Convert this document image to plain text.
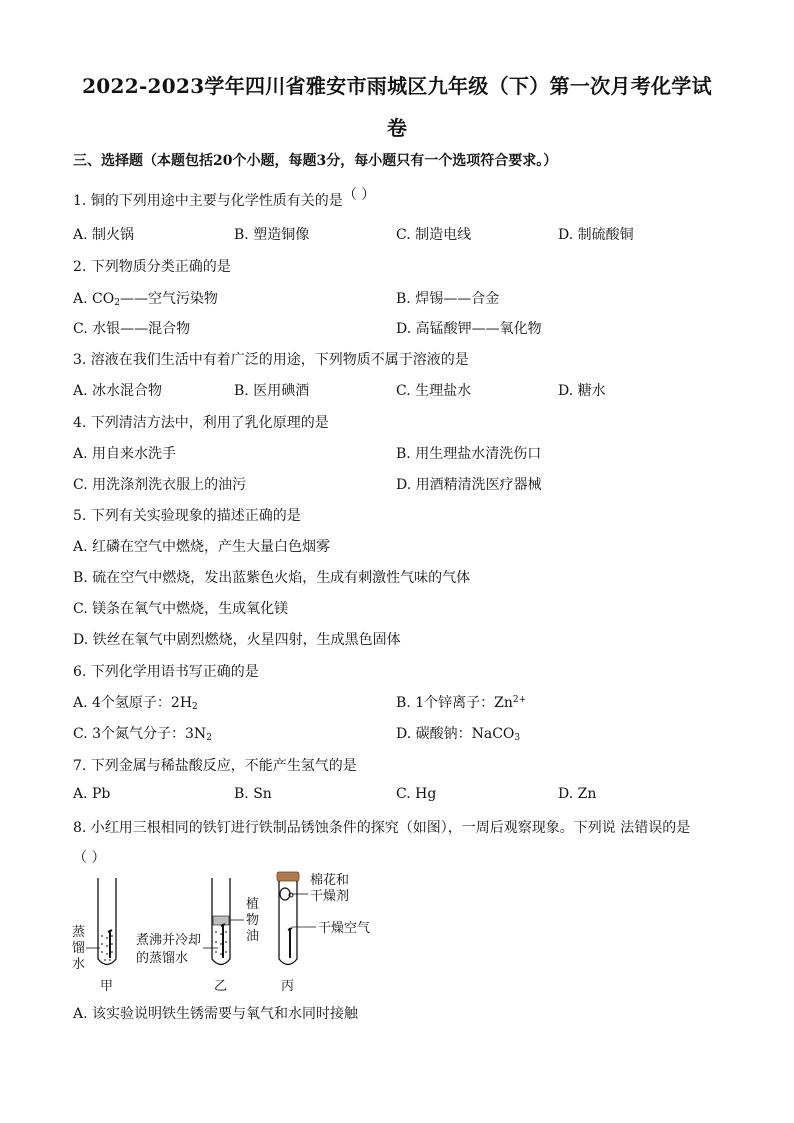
2022-2023学年四川省雅安市雨城区九年级（下）第一次月考化学试
卷
三、选择题（本题包括20个小题，每题3分，每小题只有一个选项符合要求。）
1. 铜的下列用途中主要与化学性质有关的是（ ）
A. 制火锅	B. 塑造铜像	C. 制造电线	D. 制硫酸铜
2. 下列物质分类正确的是
A. $CO_2——$空气污染物	B. 焊锡——合金
C. 水银——混合物	D. 高锰酸钾——氧化物
3. 溶液在我们生活中有着广泛的用途，下列物质不属于溶液的是
A. 冰水混合物	B. 医用碘酒	C. 生理盐水	D. 糖水
4. 下列清洁方法中，利用了乳化原理的是
A. 用自来水洗手	B. 用生理盐水清洗伤口
C. 用洗涤剂洗衣服上的油污	D. 用酒精清洗医疗器械
5. 下列有关实验现象的描述正确的是
A. 红磷在空气中燃烧，产生大量白色烟雾
B. 硫在空气中燃烧，发出蓝紫色火焰，生成有刺激性气味的气体
C. 镁条在氧气中燃烧，生成氧化镁
D. 铁丝在氧气中剧烈燃烧，火星四射，生成黑色固体
6. 下列化学用语书写正确的是
A. 4个氢原子：$2H_2$	B. 1个锌离子：$Zn^{2+}$
C. 3个氮气分子：$3N_2$	D. 碳酸钠：NaCO$_3$
7. 下列金属与稀盐酸反应，不能产生氢气的是
A. Pb	B. Sn	C. Hg	D. Zn
8. 小红用三根相同的铁钉进行铁制品锈蚀条件的探究（如图），一周后观察现象。下列说 法错误的是
（ ）
蒸
馏
水
甲
煮沸并冷却
的蒸馏水
植
物
油
乙
棉花和
干燥剂
干燥空气
丙
A. 该实验说明铁生锈需要与氧气和水同时接触
